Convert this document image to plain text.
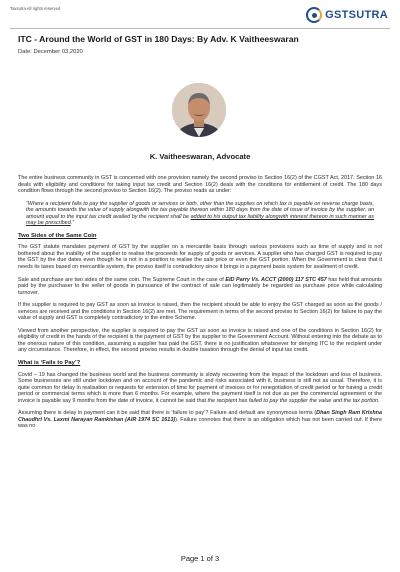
Taxsutra All rights reserved
GSTSUTRA
ITC - Around the World of GST in 180 Days: By Adv. K Vaitheeswaran
Date: December 03,2020
K. Vaitheeswaran, Advocate

The entire business community in GST is concerned with one provision namely the second proviso to Section 16(2) of the CGST Act, 2017. Section 16 deals with eligibility and conditions for taking input tax credit and Section 16(2) deals with the conditions for entitlement of credit. The 180 days condition flows through the second proviso to Section 16(2). The proviso reads as under:

“Where a recipient fails to pay the supplier of goods or services or both, other than the supplies on which tax is payable on reverse charge basis, the amounts towards the value of supply alongwith the tax payable thereon within 180 days from the date of issue of invoice by the supplier, an amount equal to the input tax credit availed by the recipient shall be added to his output tax liability alongwith interest thereon in such manner as may be prescribed.”

Two Sides of the Same Coin

The GST statute mandates payment of GST by the supplier on a mercantile basis through various provisions such as time of supply and is not bothered about the inability of the supplier to realise the proceeds for supply of goods or services. A supplier who has charged GST is required to pay the GST by the due dates even though he is not in a position to realise the sale price or even the GST portion. When the Government is clear that it needs its taxes based on mercantile system, the proviso itself is contradictory since it brings in a payment basis system for availment of credit.

Sale and purchase are two sides of the same coin. The Supreme Court in the case of EID Parry Vs. ACCT (2000) 117 STC 457 has held that amounts paid by the purchaser to the seller of goods in pursuance of the contract of sale can legitimately be regarded as purchase price while calculating turnover.

If the supplier is required to pay GST as soon as invoice is raised, then the recipient should be able to enjoy the GST charged as soon as the goods / services are received and the conditions in Section 16(2) are met. The requirement in terms of the second proviso to Section 16(2) for failure to pay the value of supply and GST is completely contradictory to the entire Scheme.

Viewed from another perspective, the supplier is required to pay the GST as soon as invoice is raised and one of the conditions in Section 16(2) for eligibility of credit in the hands of the recipient is the payment of GST by the supplier to the Government Account. Without entering into the debate as to the onerous nature of this condition, assuming a supplier has paid the GST, there is no justification whatsoever for denying ITC to the recipient under any circumstance. Therefore, in effect, the second proviso results in double taxation through the denial of input tax credit.

What is ‘Fails to Pay’?

Covid – 19 has changed the business world and the business community is slowly recovering from the impact of the lockdown and loss of business. Some businesses are still under lockdown and on account of the pandemic and risks associated with it, business is still not as usual. Therefore, it is quite common for delay in realisation or requests for extension of time for payment of invoices or for renegotiation of credit period or for having a credit period or commercial terms which is more than 6 months. For example, where the payment itself is not due as per the commercial agreement or the invoice is payable say 9 months from the date of invoice, it cannot be said that the recipient has failed to pay the supplier the value and the tax portion.

Assuming there is delay in payment can it be said that there is ‘failure to pay’? Failure and default are synonymous terms (Dhan Singh Ram Krishna Chaudhri Vs. Laxmi Narayan Ramkishan (AIR 1974 SC 1613)). Failure connotes that there is an obligation which has not been carried out. If there was no

Page 1 of 3
